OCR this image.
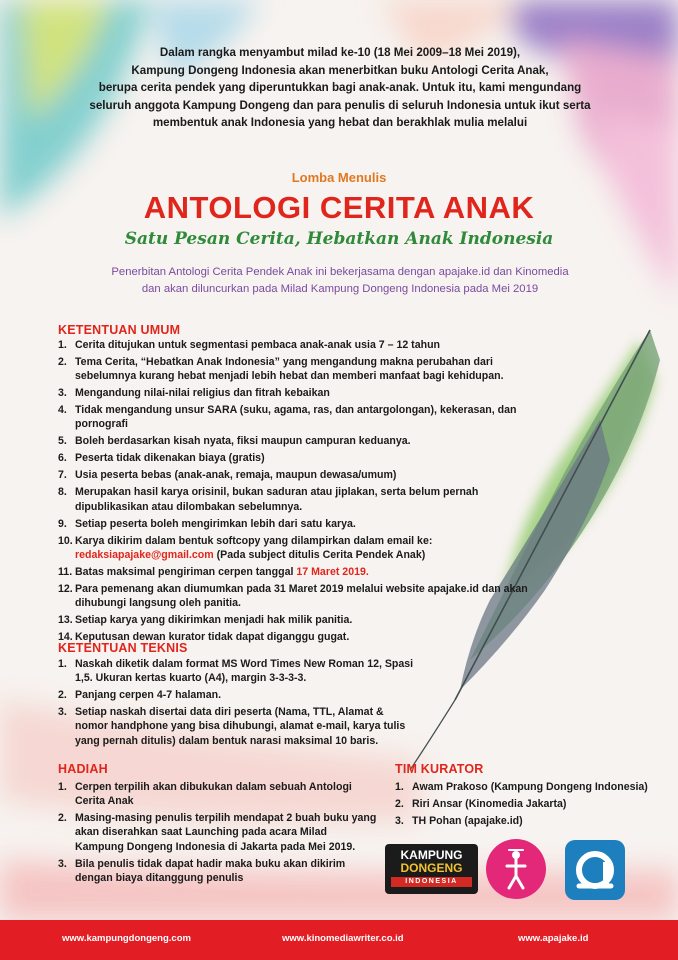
Dalam rangka menyambut milad ke-10 (18 Mei 2009–18 Mei 2019),

Kampung Dongeng Indonesia akan menerbitkan buku Antologi Cerita Anak,

berupa cerita pendek yang diperuntukkan bagi anak-anak. Untuk itu, kami mengundang

seluruh anggota Kampung Dongeng dan para penulis di seluruh Indonesia untuk ikut serta

membentuk anak Indonesia yang hebat dan berakhlak mulia melalui

Lomba Menulis
ANTOLOGI CERITA ANAK
Satu Pesan Cerita, Hebatkan Anak Indonesia

Penerbitan Antologi Cerita Pendek Anak ini bekerjasama dengan apajake.id dan Kinomedia

dan akan diluncurkan pada Milad Kampung Dongeng Indonesia pada Mei 2019

KETENTUAN UMUM
1. Cerita ditujukan untuk segmentasi pembaca anak-anak usia 7 – 12 tahun
2. Tema Cerita, “Hebatkan Anak Indonesia” yang mengandung makna perubahan dari sebelumnya kurang hebat menjadi lebih hebat dan memberi manfaat bagi kehidupan.
3. Mengandung nilai-nilai religius dan fitrah kebaikan
4. Tidak mengandung unsur SARA (suku, agama, ras, dan antargolongan), kekerasan, dan pornografi
5. Boleh berdasarkan kisah nyata, fiksi maupun campuran keduanya.
6. Peserta tidak dikenakan biaya (gratis)
7. Usia peserta bebas (anak-anak, remaja, maupun dewasa/umum)
8. Merupakan hasil karya orisinil, bukan saduran atau jiplakan, serta belum pernah dipublikasikan atau dilombakan sebelumnya.
9. Setiap peserta boleh mengirimkan lebih dari satu karya.
10. Karya dikirim dalam bentuk softcopy yang dilampirkan dalam email ke: redaksiapajake@gmail.com (Pada subject ditulis Cerita Pendek Anak)
11. Batas maksimal pengiriman cerpen tanggal 17 Maret 2019.
12. Para pemenang akan diumumkan pada 31 Maret 2019 melalui website apajake.id dan akan dihubungi langsung oleh panitia.
13. Setiap karya yang dikirimkan menjadi hak milik panitia.
14. Keputusan dewan kurator tidak dapat diganggu gugat.
KETENTUAN TEKNIS
1. Naskah diketik dalam format MS Word Times New Roman 12, Spasi 1,5. Ukuran kertas kuarto (A4), margin 3-3-3-3.
2. Panjang cerpen 4-7 halaman.
3. Setiap naskah disertai data diri peserta (Nama, TTL, Alamat & nomor handphone yang bisa dihubungi, alamat e-mail, karya tulis yang pernah ditulis) dalam bentuk narasi maksimal 10 baris.
HADIAH
1. Cerpen terpilih akan dibukukan dalam sebuah Antologi Cerita Anak
2. Masing-masing penulis terpilih mendapat 2 buah buku yang akan diserahkan saat Launching pada acara Milad Kampung Dongeng Indonesia di Jakarta pada Mei 2019.
3. Bila penulis tidak dapat hadir maka buku akan dikirim dengan biaya ditanggung penulis
TIM KURATOR
1. Awam Prakoso (Kampung Dongeng Indonesia)
2. Riri Ansar (Kinomedia Jakarta)
3. TH Pohan (apajake.id)
KAMPUNG
DONGENG
INDONESIA
www.kampungdongeng.com	www.kinomediawriter.co.id	www.apajake.id
